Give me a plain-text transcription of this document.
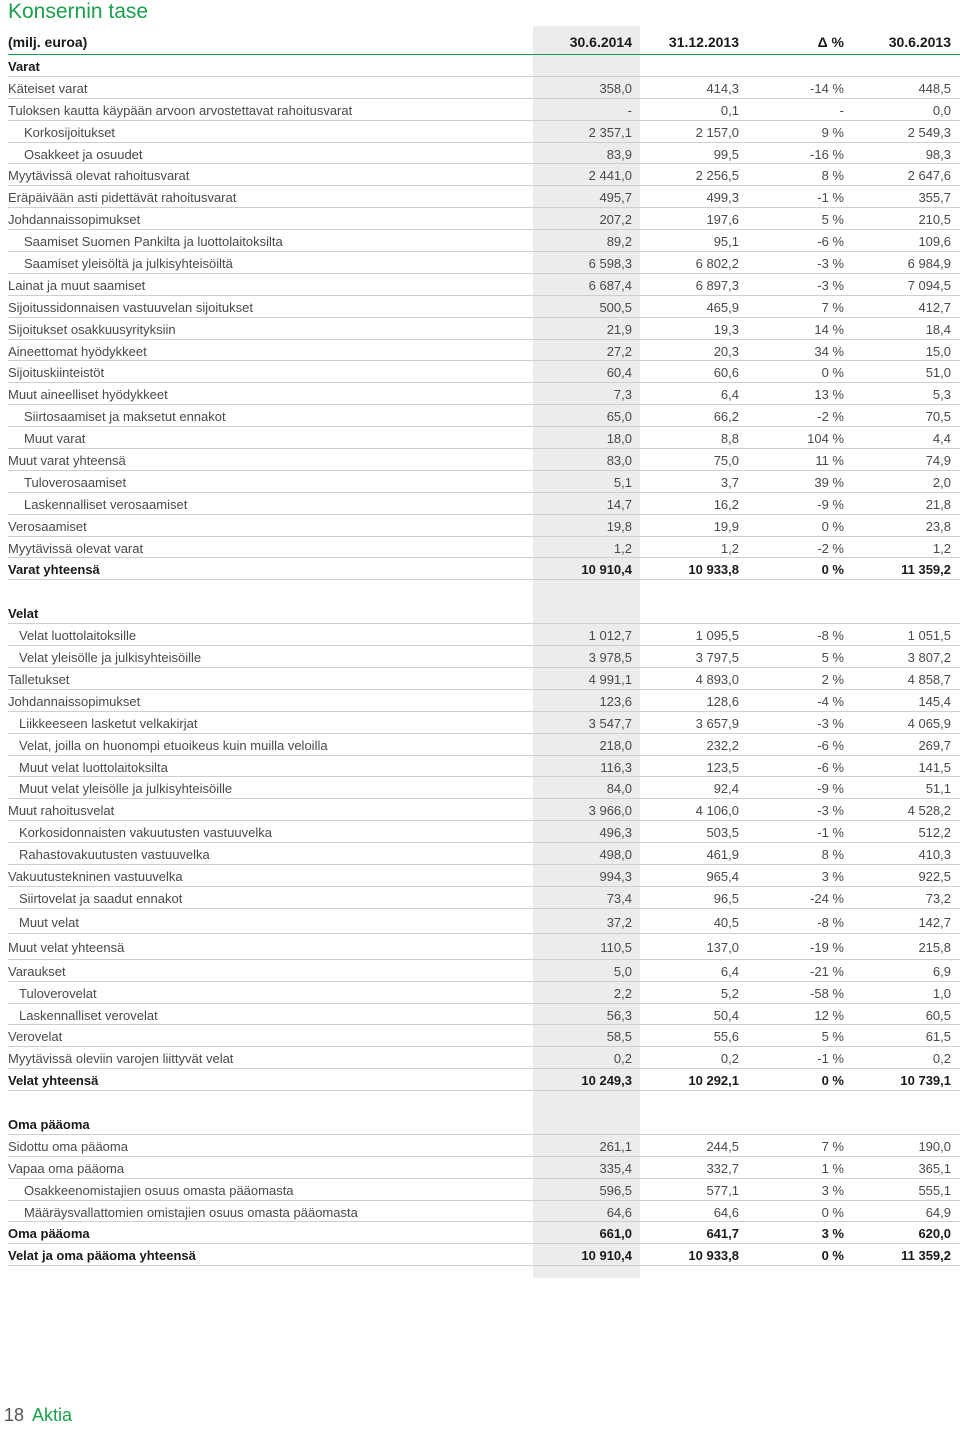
Konsernin tase
(milj. euroa)	30.6.2014	31.12.2013	Δ %	30.6.2013
Varat
Käteiset varat	358,0	414,3	-14 %	448,5
Tuloksen kautta käypään arvoon arvostettavat rahoitusvarat	-	0,1	-	0,0
Korkosijoitukset	2 357,1	2 157,0	9 %	2 549,3
Osakkeet ja osuudet	83,9	99,5	-16 %	98,3
Myytävissä olevat rahoitusvarat	2 441,0	2 256,5	8 %	2 647,6
Eräpäivään asti pidettävät rahoitusvarat	495,7	499,3	-1 %	355,7
Johdannaissopimukset	207,2	197,6	5 %	210,5
Saamiset Suomen Pankilta ja luottolaitoksilta	89,2	95,1	-6 %	109,6
Saamiset yleisöltä ja julkisyhteisöiltä	6 598,3	6 802,2	-3 %	6 984,9
Lainat ja muut saamiset	6 687,4	6 897,3	-3 %	7 094,5
Sijoitussidonnaisen vastuuvelan sijoitukset	500,5	465,9	7 %	412,7
Sijoitukset osakkuusyrityksiin	21,9	19,3	14 %	18,4
Aineettomat hyödykkeet	27,2	20,3	34 %	15,0
Sijoituskiinteistöt	60,4	60,6	0 %	51,0
Muut aineelliset hyödykkeet	7,3	6,4	13 %	5,3
Siirtosaamiset ja maksetut ennakot	65,0	66,2	-2 %	70,5
Muut varat	18,0	8,8	104 %	4,4
Muut varat yhteensä	83,0	75,0	11 %	74,9
Tuloverosaamiset	5,1	3,7	39 %	2,0
Laskennalliset verosaamiset	14,7	16,2	-9 %	21,8
Verosaamiset	19,8	19,9	0 %	23,8
Myytävissä olevat varat	1,2	1,2	-2 %	1,2
Varat yhteensä	10 910,4	10 933,8	0 %	11 359,2
Velat
Velat luottolaitoksille	1 012,7	1 095,5	-8 %	1 051,5
Velat yleisölle ja julkisyhteisöille	3 978,5	3 797,5	5 %	3 807,2
Talletukset	4 991,1	4 893,0	2 %	4 858,7
Johdannaissopimukset	123,6	128,6	-4 %	145,4
Liikkeeseen lasketut velkakirjat	3 547,7	3 657,9	-3 %	4 065,9
Velat, joilla on huonompi etuoikeus kuin muilla veloilla	218,0	232,2	-6 %	269,7
Muut velat luottolaitoksilta	116,3	123,5	-6 %	141,5
Muut velat yleisölle ja julkisyhteisöille	84,0	92,4	-9 %	51,1
Muut rahoitusvelat	3 966,0	4 106,0	-3 %	4 528,2
Korkosidonnaisten vakuutusten vastuuvelka	496,3	503,5	-1 %	512,2
Rahastovakuutusten vastuuvelka	498,0	461,9	8 %	410,3
Vakuutustekninen vastuuvelka	994,3	965,4	3 %	922,5
Siirtovelat ja saadut ennakot	73,4	96,5	-24 %	73,2
Muut velat	37,2	40,5	-8 %	142,7
Muut velat yhteensä	110,5	137,0	-19 %	215,8
Varaukset	5,0	6,4	-21 %	6,9
Tuloverovelat	2,2	5,2	-58 %	1,0
Laskennalliset verovelat	56,3	50,4	12 %	60,5
Verovelat	58,5	55,6	5 %	61,5
Myytävissä oleviin varojen liittyvät velat	0,2	0,2	-1 %	0,2
Velat yhteensä	10 249,3	10 292,1	0 %	10 739,1
Oma pääoma
Sidottu oma pääoma	261,1	244,5	7 %	190,0
Vapaa oma pääoma	335,4	332,7	1 %	365,1
Osakkeenomistajien osuus omasta pääomasta	596,5	577,1	3 %	555,1
Määräysvallattomien omistajien osuus omasta pääomasta	64,6	64,6	0 %	64,9
Oma pääoma	661,0	641,7	3 %	620,0
Velat ja oma pääoma yhteensä	10 910,4	10 933,8	0 %	11 359,2
18 Aktia
